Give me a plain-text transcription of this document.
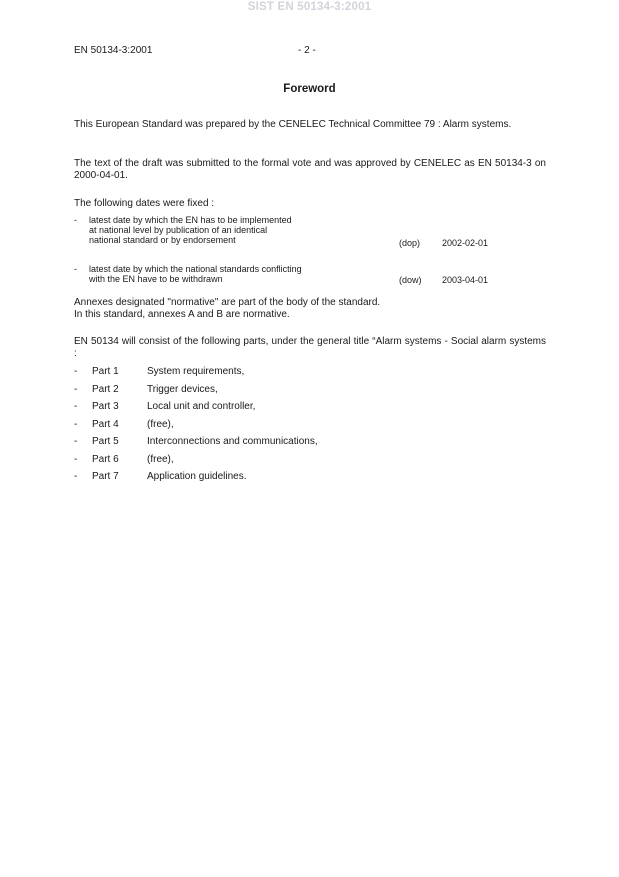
SIST EN 50134-3:2001
EN 50134-3:2001	- 2 -
Foreword

This European Standard was prepared by the CENELEC Technical Committee 79 : Alarm systems.

The text of the draft was submitted to the formal vote and was approved by CENELEC as EN 50134-3 on 2000-04-01.

The following dates were fixed :

- latest date by which the EN has to be implemented
at national level by publication of an identical
national standard or by endorsement	(dop) 2002-02-01
- latest date by which the national standards conflicting
with the EN have to be withdrawn	(dow) 2003-04-01
Annexes designated "normative" are part of the body of the standard.
In this standard, annexes A and B are normative.

EN 50134 will consist of the following parts, under the general title “Alarm systems - Social alarm systems :

- Part 1	System requirements,
- Part 2	Trigger devices,
- Part 3	Local unit and controller,
- Part 4	(free),
- Part 5	Interconnections and communications,
- Part 6	(free),
- Part 7	Application guidelines.
